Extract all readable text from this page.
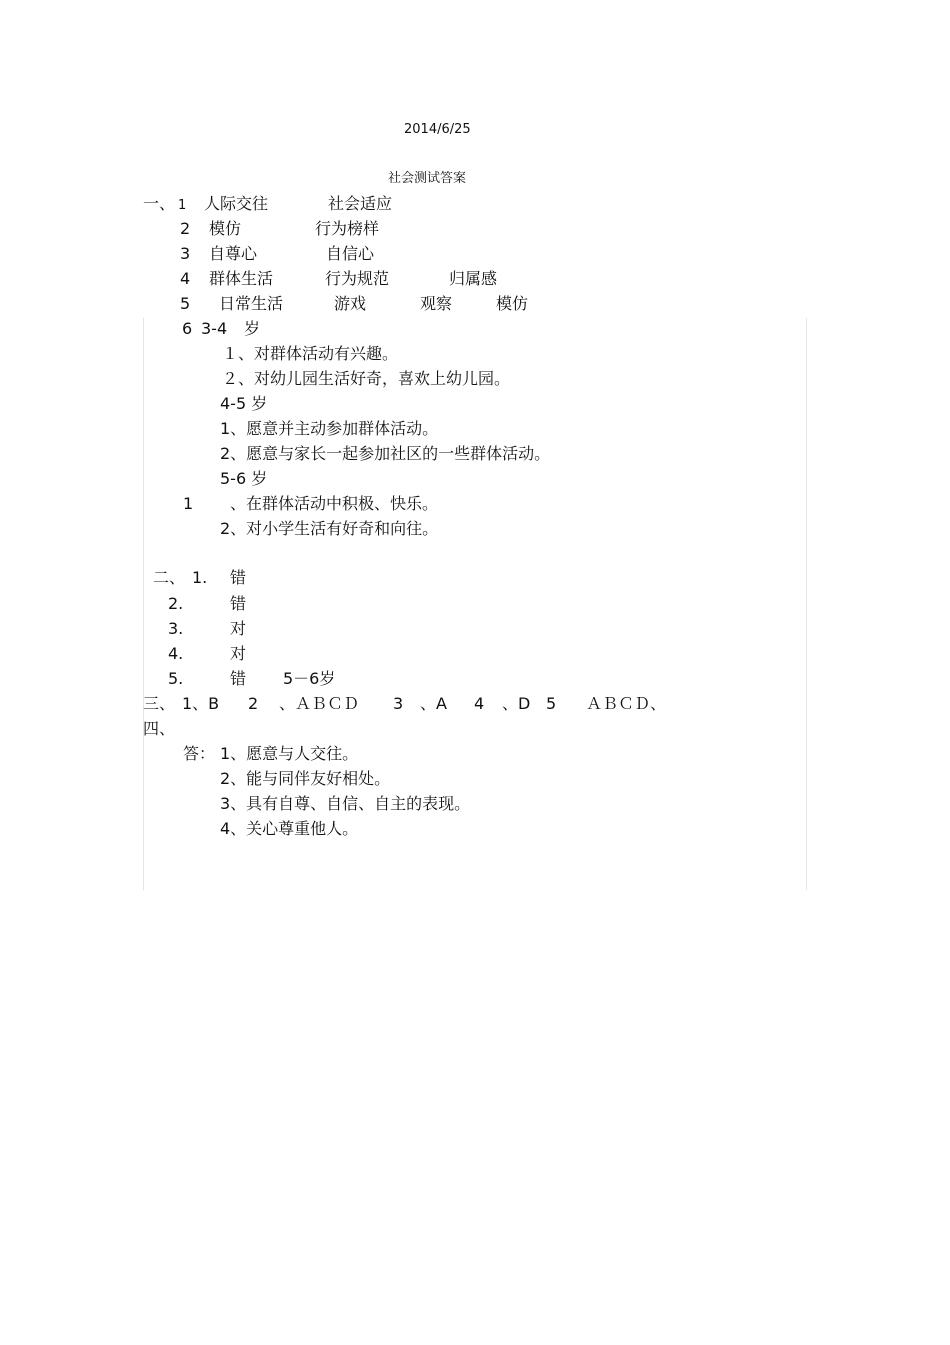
2014/6/25
社会测试答案
一、 1 人际交往	社会适应
2 模仿	行为榜样
3 自尊心	自信心
4 群体生活	行为规范	归属感
5 日常生活	游戏	观察	模仿
6 3-4 岁
１、对群体活动有兴趣。
２、对幼儿园生活好奇，喜欢上幼儿园。
4-5 岁
1、愿意并主动参加群体活动。
2、愿意与家长一起参加社区的一些群体活动。
5-6 岁
1 、在群体活动中积极、快乐。
2、对小学生活有好奇和向往。
二、 1. 错
2.	错
3.	对
4.	对
5.	错 5－6岁
三、 1、B 2 、ＡＢＣＤ 3 、A 4 、D 5 ＡＢＣＤ、
四、
答： 1、愿意与人交往。
2、能与同伴友好相处。
3、具有自尊、自信、自主的表现。
4、关心尊重他人。
